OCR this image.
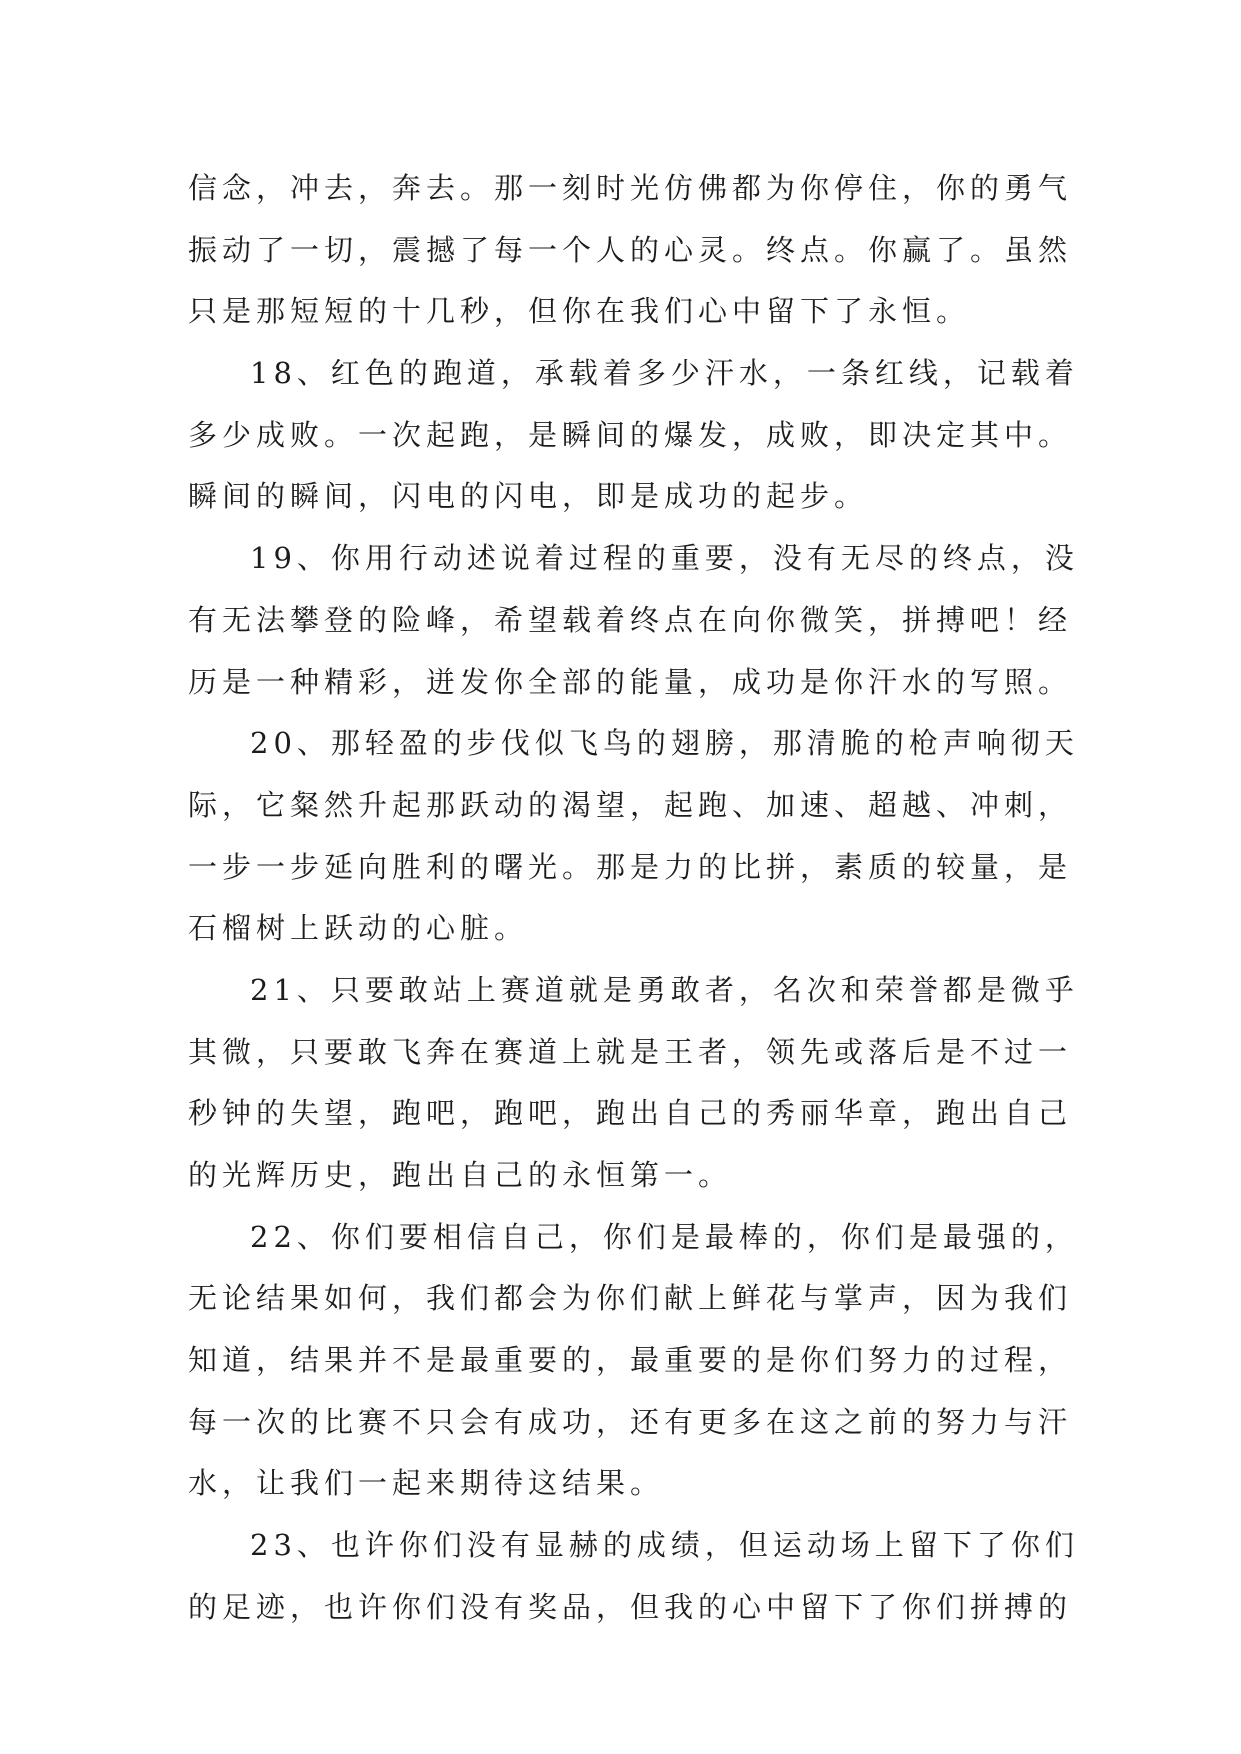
信念，冲去，奔去。那一刻时光仿佛都为你停住，你的勇气
振动了一切，震撼了每一个人的心灵。终点。你赢了。虽然
只是那短短的十几秒，但你在我们心中留下了永恒。
18、红色的跑道，承载着多少汗水，一条红线，记载着
多少成败。一次起跑，是瞬间的爆发，成败，即决定其中。
瞬间的瞬间，闪电的闪电，即是成功的起步。
19、你用行动述说着过程的重要，没有无尽的终点，没
有无法攀登的险峰，希望载着终点在向你微笑，拼搏吧！经
历是一种精彩，迸发你全部的能量，成功是你汗水的写照。
20、那轻盈的步伐似飞鸟的翅膀，那清脆的枪声响彻天
际，它粲然升起那跃动的渴望，起跑、加速、超越、冲刺，
一步一步延向胜利的曙光。那是力的比拼，素质的较量，是
石榴树上跃动的心脏。
21、只要敢站上赛道就是勇敢者，名次和荣誉都是微乎
其微，只要敢飞奔在赛道上就是王者，领先或落后是不过一
秒钟的失望，跑吧，跑吧，跑出自己的秀丽华章，跑出自己
的光辉历史，跑出自己的永恒第一。
22、你们要相信自己，你们是最棒的，你们是最强的，
无论结果如何，我们都会为你们献上鲜花与掌声，因为我们
知道，结果并不是最重要的，最重要的是你们努力的过程，
每一次的比赛不只会有成功，还有更多在这之前的努力与汗
水，让我们一起来期待这结果。
23、也许你们没有显赫的成绩，但运动场上留下了你们
的足迹，也许你们没有奖品，但我的心中留下了你们拼搏的
